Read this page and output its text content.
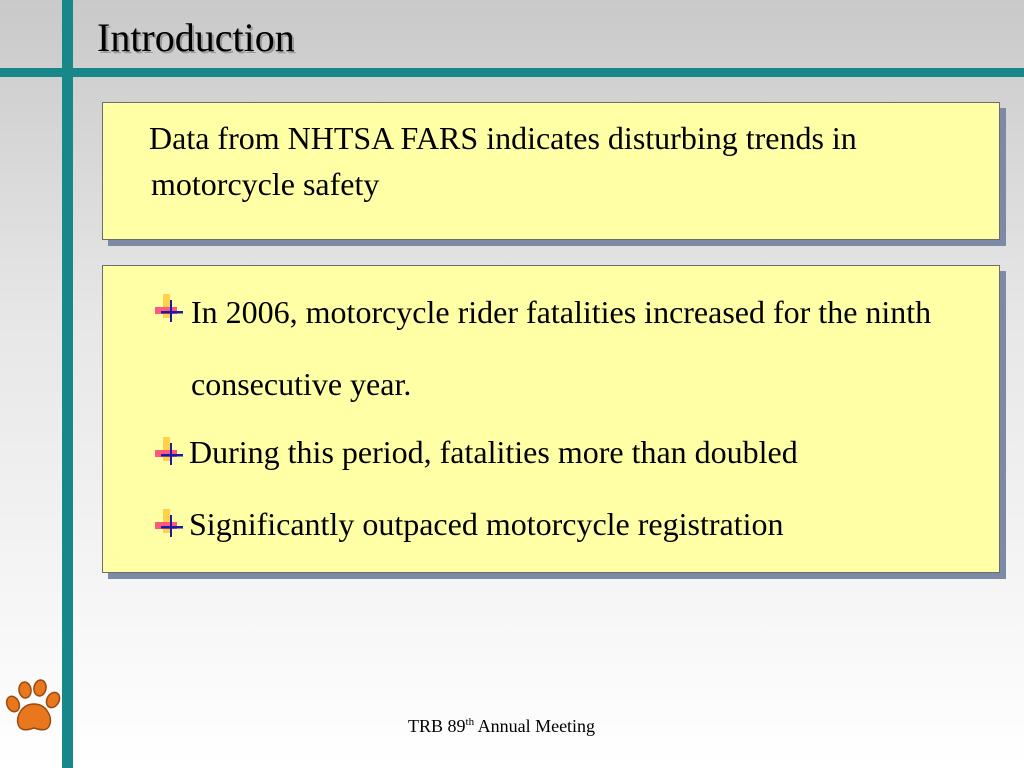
Introduction
Data from NHTSA FARS indicates disturbing trends in motorcycle safety
In 2006, motorcycle rider fatalities increased for the ninth consecutive year.
During this period, fatalities more than doubled
Significantly outpaced motorcycle registration
TRB 89th Annual Meeting
